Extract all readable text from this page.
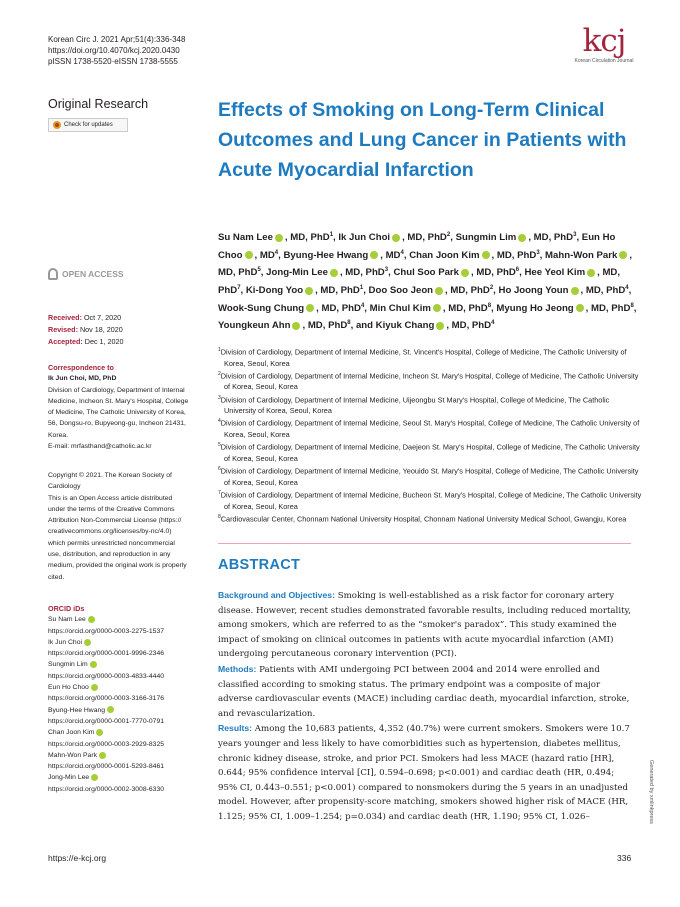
Korean Circ J. 2021 Apr;51(4):336-348
https://doi.org/10.4070/kcj.2020.0430
pISSN 1738-5520·eISSN 1738-5555
kcj
Korean Circulation Journal
Original Research
Check for updates
OPEN ACCESS
Received: Oct 7, 2020
Revised: Nov 18, 2020
Accepted: Dec 1, 2020
Correspondence to
Ik Jun Choi, MD, PhD
Division of Cardiology, Department of Internal
Medicine, Incheon St. Mary's Hospital, College
of Medicine, The Catholic University of Korea,
56, Dongsu-ro, Bupyeong-gu, Incheon 21431,
Korea.
E-mail: mrfasthand@catholic.ac.kr
Copyright © 2021. The Korean Society of
Cardiology
This is an Open Access article distributed
under the terms of the Creative Commons
Attribution Non-Commercial License (https://
creativecommons.org/licenses/by-nc/4.0)
which permits unrestricted noncommercial
use, distribution, and reproduction in any
medium, provided the original work is properly
cited.
ORCID iDs
Su Nam Lee
https://orcid.org/0000-0003-2275-1537
Ik Jun Choi
https://orcid.org/0000-0001-9996-2346
Sungmin Lim
https://orcid.org/0000-0003-4833-4440
Eun Ho Choo
https://orcid.org/0000-0003-3166-3176
Byung-Hee Hwang
https://orcid.org/0000-0001-7770-0791
Chan Joon Kim
https://orcid.org/0000-0003-2929-8325
Mahn-Won Park
https://orcid.org/0000-0001-5293-8461
Jong-Min Lee
https://orcid.org/0000-0002-3008-6330
Effects of Smoking on Long-Term Clinical Outcomes and Lung Cancer in Patients with Acute Myocardial Infarction
Su Nam Lee , MD, PhD$^1$, Ik Jun Choi , MD, PhD$^2$, Sungmin Lim , MD, PhD$^3$, Eun Ho Choo , $MD^4$, Byung-Hee Hwang , $MD^4$, Chan Joon Kim , MD, PhD$^3$, Mahn-Won Park , MD, PhD$^5$, Jong-Min Lee , MD, PhD$^3$, Chul Soo Park , MD, PhD$^6$, Hee Yeol Kim , MD, PhD$^7$, Ki-Dong Yoo , MD, PhD$^1$, Doo Soo Jeon , MD, PhD$^2$, Ho Joong Youn , MD, PhD$^4$, Wook-Sung Chung , MD, PhD$^4$, Min Chul Kim , MD, PhD$^8$, Myung Ho Jeong , MD, PhD$^8$, Youngkeun Ahn , MD, PhD$^8$, and Kiyuk Chang , MD, PhD$^4$
$^1$Division of Cardiology, Department of Internal Medicine, St. Vincent's Hospital, College of Medicine, The Catholic University of Korea, Seoul, Korea
$^2$Division of Cardiology, Department of Internal Medicine, Incheon St. Mary's Hospital, College of Medicine, The Catholic University of Korea, Seoul, Korea
$^3$Division of Cardiology, Department of Internal Medicine, Uijeongbu St Mary's Hospital, College of Medicine, The Catholic University of Korea, Seoul, Korea
$^4$Division of Cardiology, Department of Internal Medicine, Seoul St. Mary's Hospital, College of Medicine, The Catholic University of Korea, Seoul, Korea
$^5$Division of Cardiology, Department of Internal Medicine, Daejeon St. Mary's Hospital, College of Medicine, The Catholic University of Korea, Seoul, Korea
$^6$Division of Cardiology, Department of Internal Medicine, Yeouido St. Mary's Hospital, College of Medicine, The Catholic University of Korea, Seoul, Korea
$^7$Division of Cardiology, Department of Internal Medicine, Bucheon St. Mary's Hospital, College of Medicine, The Catholic University of Korea, Seoul, Korea
$^8$Cardiovascular Center, Chonnam National University Hospital, Chonnam National University Medical School, Gwangju, Korea
ABSTRACT
Background and Objectives: Smoking is well-established as a risk factor for coronary artery disease. However, recent studies demonstrated favorable results, including reduced mortality, among smokers, which are referred to as the “smoker's paradox”. This study examined the impact of smoking on clinical outcomes in patients with acute myocardial infarction (AMI) undergoing percutaneous coronary intervention (PCI).
Methods: Patients with AMI undergoing PCI between 2004 and 2014 were enrolled and classified according to smoking status. The primary endpoint was a composite of major adverse cardiovascular events (MACE) including cardiac death, myocardial infarction, stroke, and revascularization.
Results: Among the 10,683 patients, 4,352 (40.7%) were current smokers. Smokers were 10.7 years younger and less likely to have comorbidities such as hypertension, diabetes mellitus, chronic kidney disease, stroke, and prior PCI. Smokers had less MACE (hazard ratio [HR], 0.644; 95% confidence interval [CI], 0.594–0.698; p<0.001) and cardiac death (HR, 0.494; 95% CI, 0.443–0.551; p<0.001) compared to nonsmokers during the 5 years in an unadjusted model. However, after propensity-score matching, smokers showed higher risk of MACE (HR, 1.125; 95% CI, 1.009–1.254; p=0.034) and cardiac death (HR, 1.190; 95% CI, 1.026–
https://e-kcj.org	336
Generated by xmlinkpress
